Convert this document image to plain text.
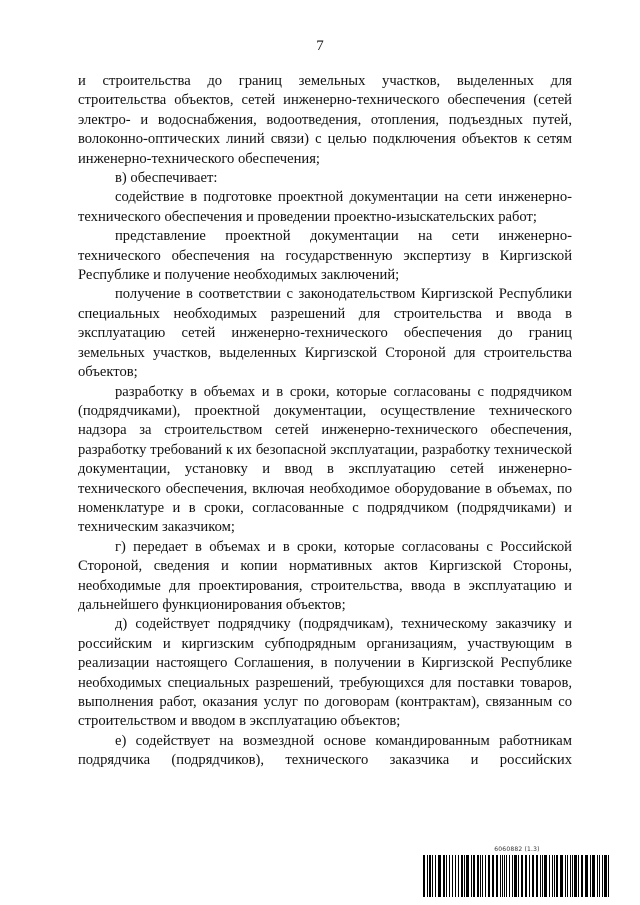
7

и строительства до границ земельных участков, выделенных для строительства объектов, сетей инженерно-технического обеспечения (сетей электро- и водоснабжения, водоотведения, отопления, подъездных путей, волоконно-оптических линий связи) с целью подключения объектов к сетям инженерно-технического обеспечения;

в) обеспечивает:

содействие в подготовке проектной документации на сети инженерно-технического обеспечения и проведении проектно-изыскательских работ;

представление проектной документации на сети инженерно-технического обеспечения на государственную экспертизу в Киргизской Республике и получение необходимых заключений;

получение в соответствии с законодательством Киргизской Республики специальных необходимых разрешений для строительства и ввода в эксплуатацию сетей инженерно-технического обеспечения до границ земельных участков, выделенных Киргизской Стороной для строительства объектов;

разработку в объемах и в сроки, которые согласованы с подрядчиком (подрядчиками), проектной документации, осуществление технического надзора за строительством сетей инженерно-технического обеспечения, разработку требований к их безопасной эксплуатации, разработку технической документации, установку и ввод в эксплуатацию сетей инженерно-технического обеспечения, включая необходимое оборудование в объемах, по номенклатуре и в сроки, согласованные с подрядчиком (подрядчиками) и техническим заказчиком;

г) передает в объемах и в сроки, которые согласованы с Российской Стороной, сведения и копии нормативных актов Киргизской Стороны, необходимые для проектирования, строительства, ввода в эксплуатацию и дальнейшего функционирования объектов;

д) содействует подрядчику (подрядчикам), техническому заказчику и российским и киргизским субподрядным организациям, участвующим в реализации настоящего Соглашения, в получении в Киргизской Республике необходимых специальных разрешений, требующихся для поставки товаров, выполнения работ, оказания услуг по договорам (контрактам), связанным со строительством и вводом в эксплуатацию объектов;

е) содействует на возмездной основе командированным работникам подрядчика (подрядчиков), технического заказчика и российских

6060882 (1.3)
